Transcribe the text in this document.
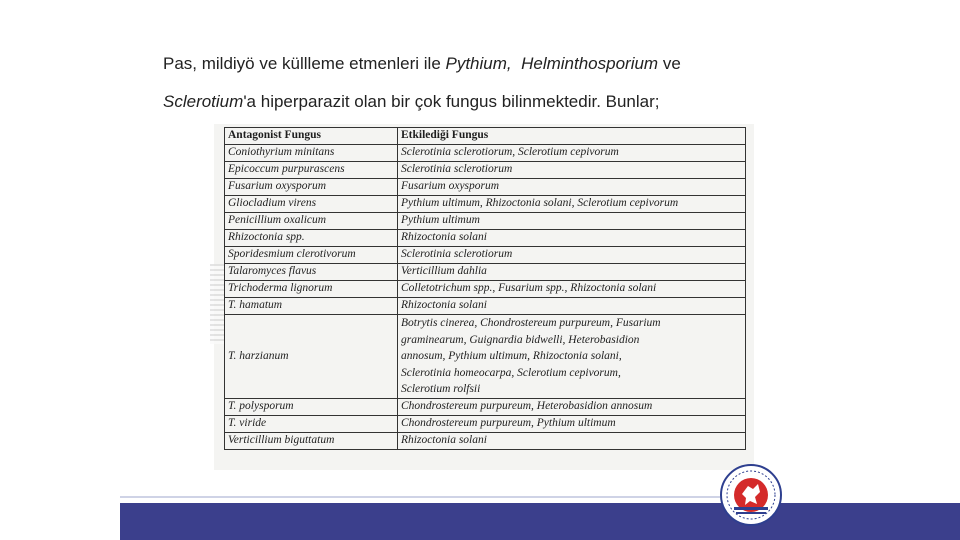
Pas, mildiyö ve küllleme etmenleri ile Pythium, Helminthosporium ve
Sclerotium'a hiperparazit olan bir çok fungus bilinmektedir. Bunlar;
Antagonist Fungus	Etkilediği Fungus
Coniothyrium minitans	Sclerotinia sclerotiorum, Sclerotium cepivorum
Epicoccum purpurascens	Sclerotinia sclerotiorum
Fusarium oxysporum	Fusarium oxysporum
Gliocladium virens	Pythium ultimum, Rhizoctonia solani, Sclerotium cepivorum
Penicillium oxalicum	Pythium ultimum
Rhizoctonia spp.	Rhizoctonia solani
Sporidesmium clerotivorum	Sclerotinia sclerotiorum
Talaromyces flavus	Verticillium dahlia
Trichoderma lignorum	Colletotrichum spp., Fusarium spp., Rhizoctonia solani
T. hamatum	Rhizoctonia solani
T. harzianum	Botrytis cinerea, Chondrostereum purpureum, Fusarium
graminearum, Guignardia bidwelli, Heterobasidion
annosum, Pythium ultimum, Rhizoctonia solani,
Sclerotinia homeocarpa, Sclerotium cepivorum,
Sclerotium rolfsii

T. polysporum	Chondrostereum purpureum, Heterobasidion annosum
T. viride	Chondrostereum purpureum, Pythium ultimum
Verticillium biguttatum	Rhizoctonia solani
